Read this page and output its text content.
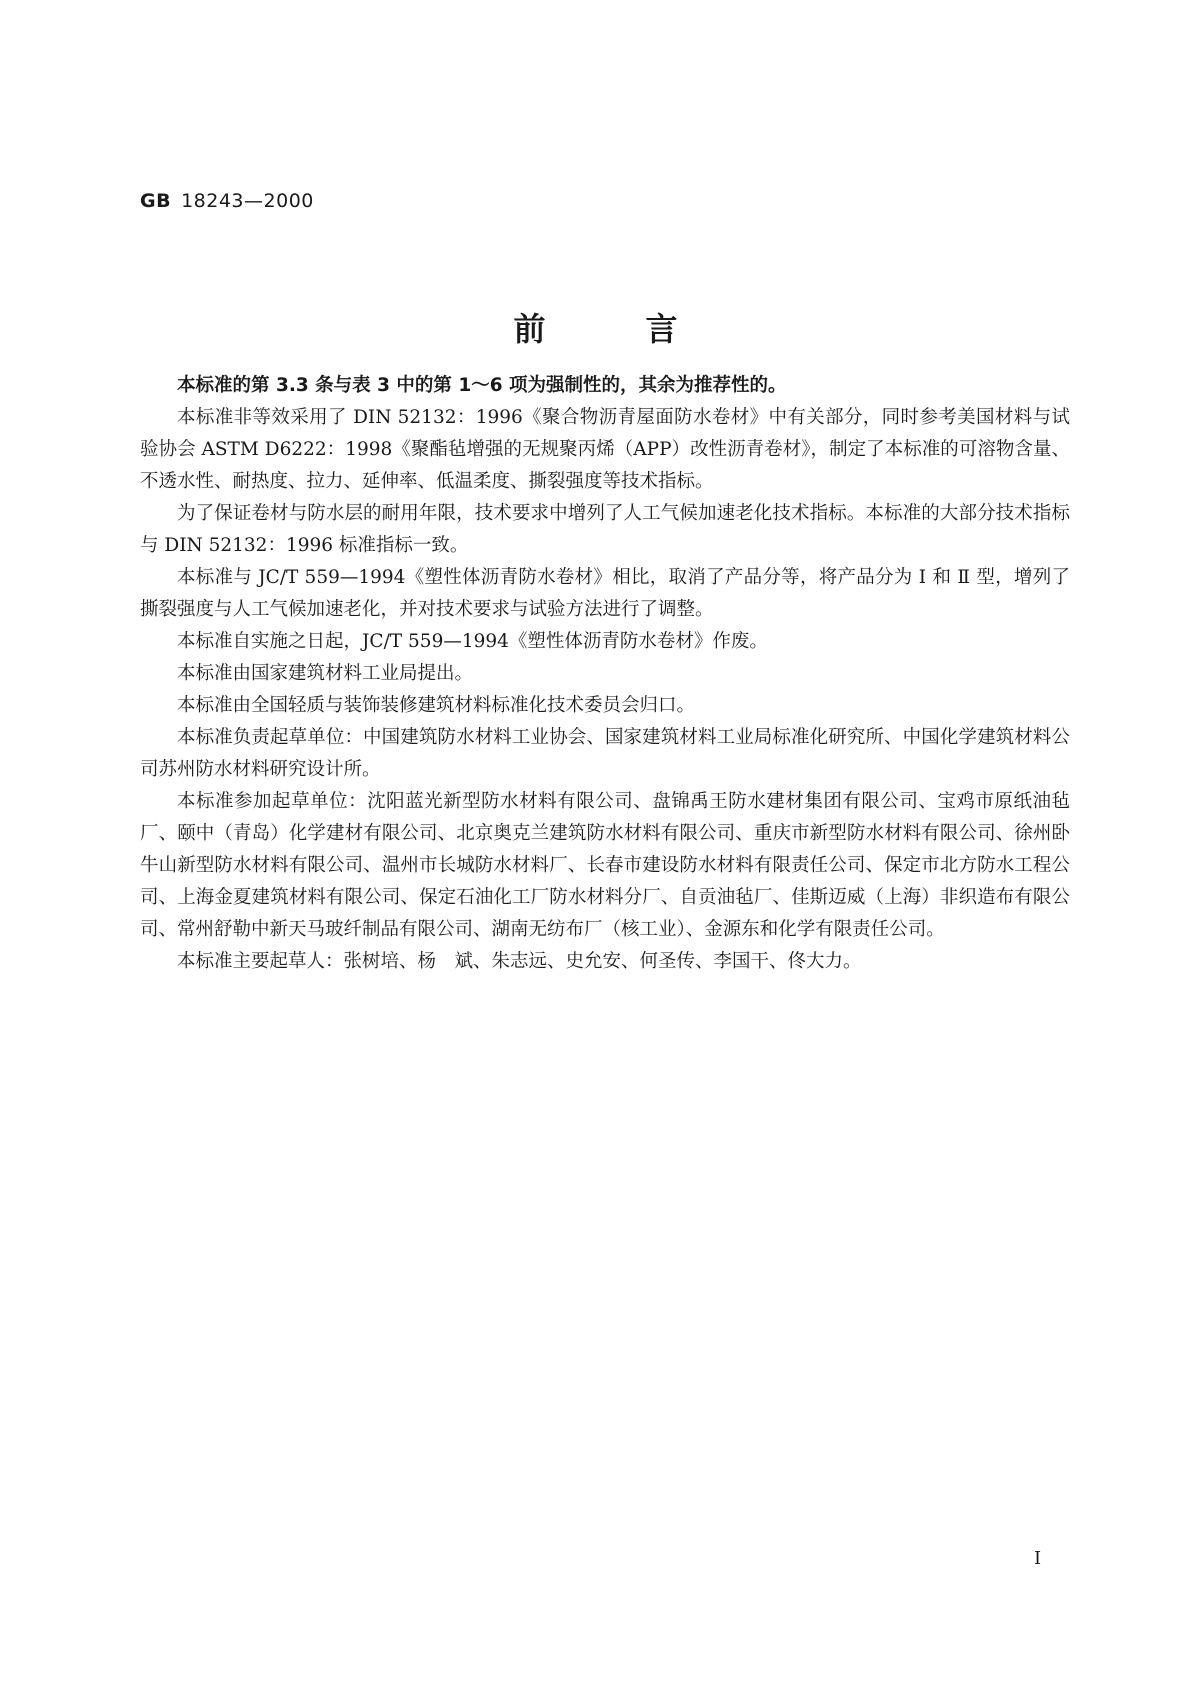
GB 18243—2000
前言

本标准的第 3.3 条与表 3 中的第 1～6 项为强制性的，其余为推荐性的。

本标准非等效采用了 DIN 52132：1996《聚合物沥青屋面防水卷材》中有关部分，同时参考美国材料与试验协会 ASTM D6222：1998《聚酯毡增强的无规聚丙烯（APP）改性沥青卷材》，制定了本标准的可溶物含量、不透水性、耐热度、拉力、延伸率、低温柔度、撕裂强度等技术指标。

为了保证卷材与防水层的耐用年限，技术要求中增列了人工气候加速老化技术指标。本标准的大部分技术指标与 DIN 52132：1996 标准指标一致。

本标准与 JC/T 559—1994《塑性体沥青防水卷材》相比，取消了产品分等，将产品分为 Ⅰ 和 Ⅱ 型，增列了撕裂强度与人工气候加速老化，并对技术要求与试验方法进行了调整。

本标准自实施之日起，JC/T 559—1994《塑性体沥青防水卷材》作废。

本标准由国家建筑材料工业局提出。

本标准由全国轻质与装饰装修建筑材料标准化技术委员会归口。

本标准负责起草单位：中国建筑防水材料工业协会、国家建筑材料工业局标准化研究所、中国化学建筑材料公司苏州防水材料研究设计所。

本标准参加起草单位：沈阳蓝光新型防水材料有限公司、盘锦禹王防水建材集团有限公司、宝鸡市原纸油毡厂、颐中（青岛）化学建材有限公司、北京奥克兰建筑防水材料有限公司、重庆市新型防水材料有限公司、徐州卧牛山新型防水材料有限公司、温州市长城防水材料厂、长春市建设防水材料有限责任公司、保定市北方防水工程公司、上海金夏建筑材料有限公司、保定石油化工厂防水材料分厂、自贡油毡厂、佳斯迈威（上海）非织造布有限公司、常州舒勒中新天马玻纤制品有限公司、湖南无纺布厂（核工业）、金源东和化学有限责任公司。

本标准主要起草人：张树培、杨　斌、朱志远、史允安、何圣传、李国干、佟大力。

Ⅰ
